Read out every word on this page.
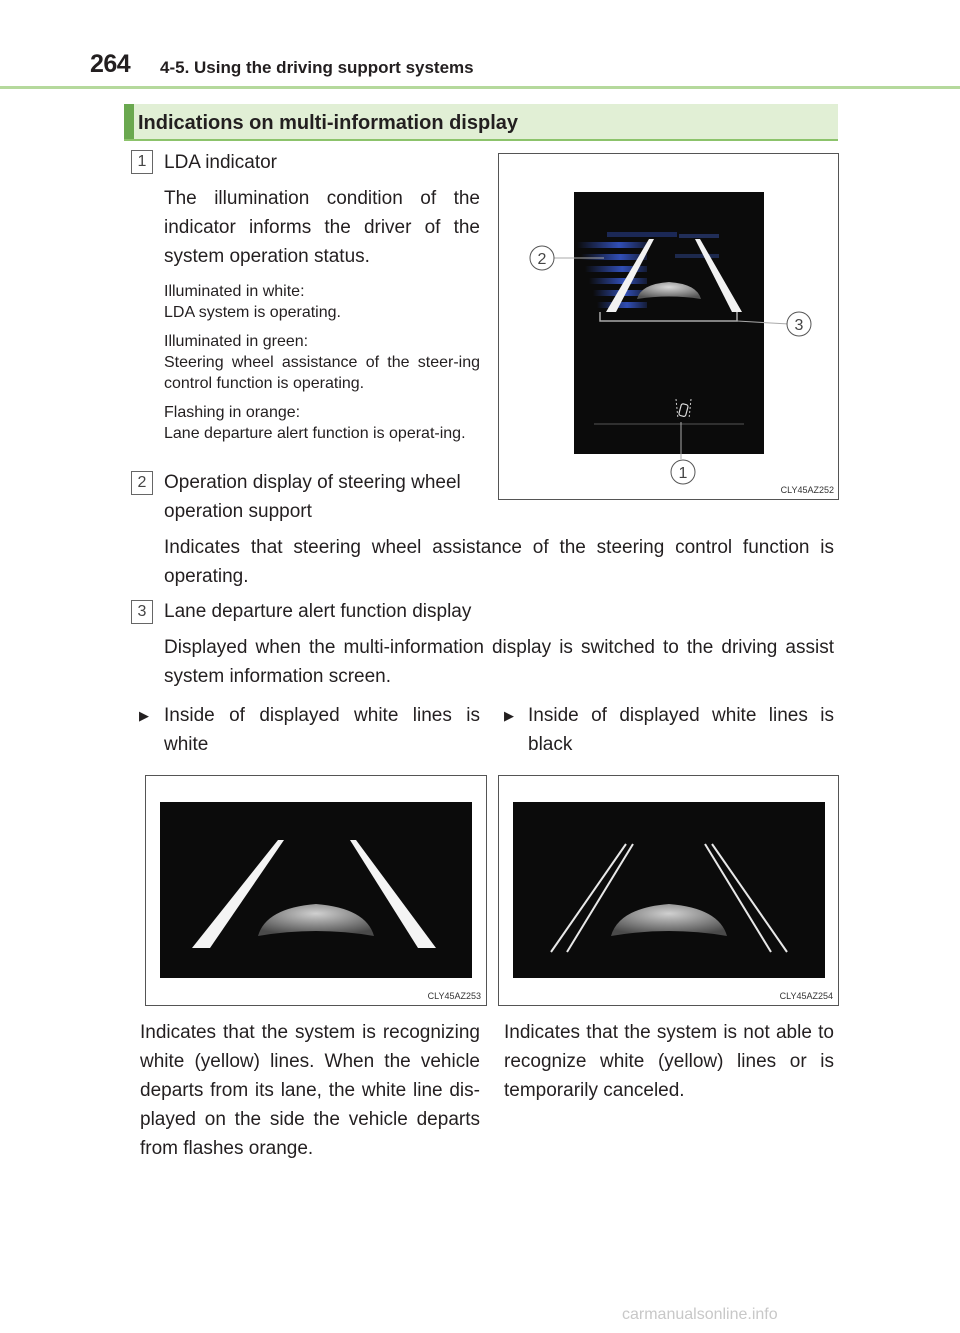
264 4-5. Using the driving support systems
Indications on multi-information display
1 LDA indicator
The illumination condition of the indicator informs the driver of the system operation status.
Illuminated in white:
LDA system is operating.
Illuminated in green:
Steering wheel assistance of the steer-ing control function is operating.
Flashing in orange:
Lane departure alert function is operat-ing.
2 Operation display of steering wheel operation support
Indicates that steering wheel assistance of the steering control function is operating.
3 Lane departure alert function display
Displayed when the multi-information display is switched to the driving assist system information screen.
2
3
1
CLY45AZ252
▶ Inside of displayed white lines is white
▶ Inside of displayed white lines is black
CLY45AZ253	CLY45AZ254
Indicates that the system is recognizing white (yellow) lines. When the vehicle departs from its lane, the white line dis-played on the side the vehicle departs from flashes orange.
Indicates that the system is not able to recognize white (yellow) lines or is temporarily canceled.
carmanualsonline.info
